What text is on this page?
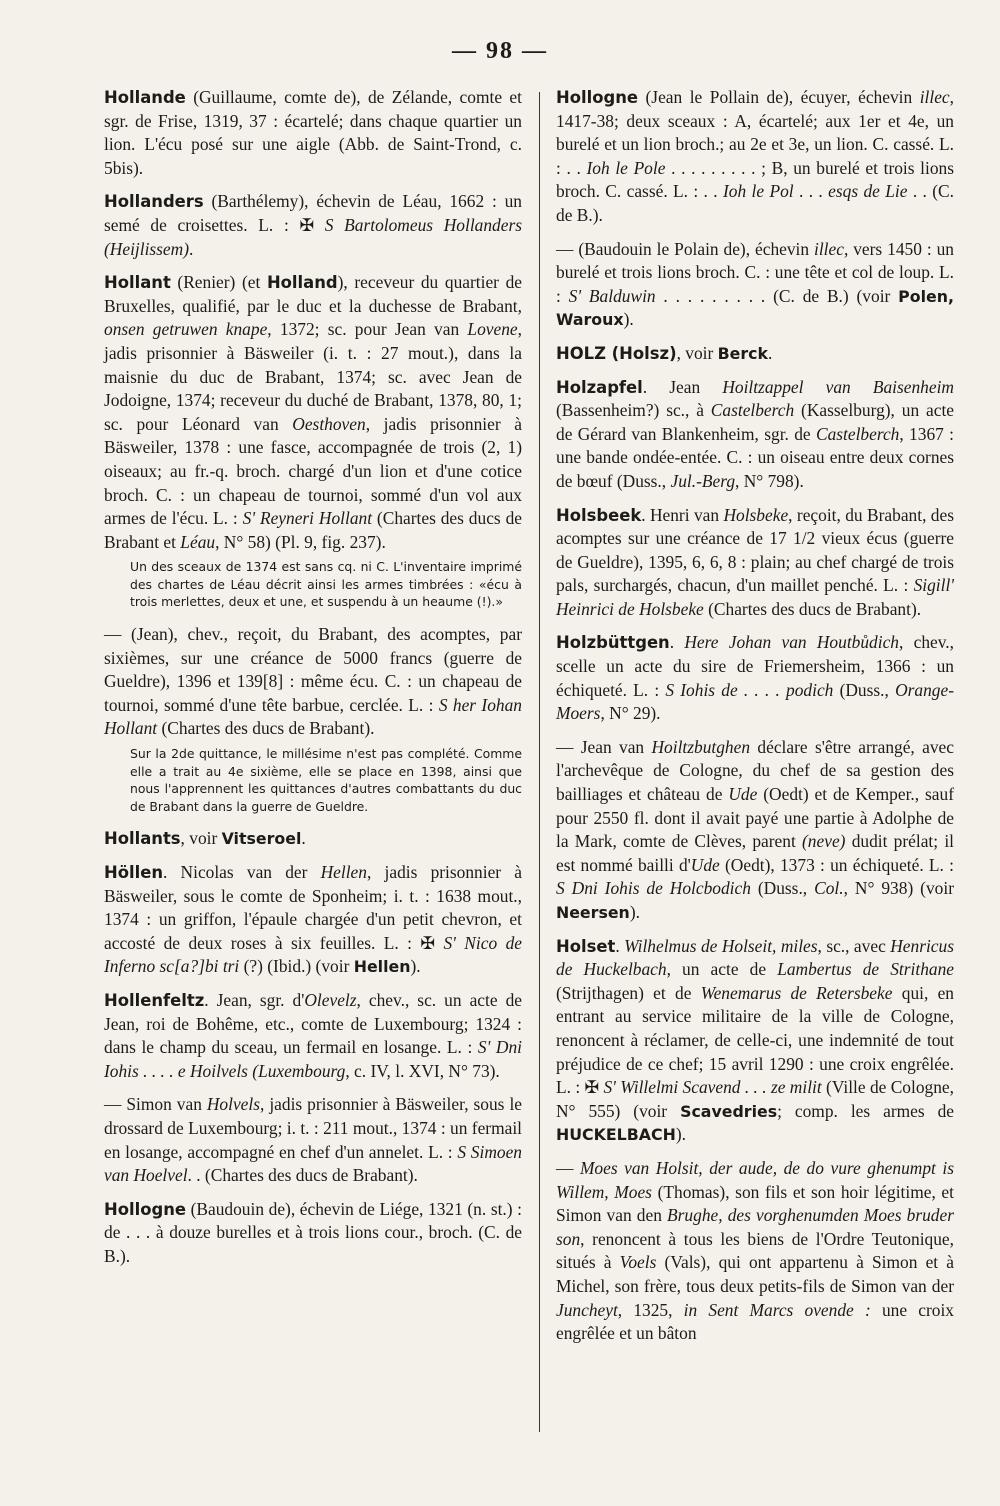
— 98 —

Hollande (Guillaume, comte de), de Zélande, comte et sgr. de Frise, 1319, 37 : écartelé; dans chaque quartier un lion. L'écu posé sur une aigle (Abb. de Saint-Trond, c. 5bis).

Hollanders (Barthélemy), échevin de Léau, 1662 : un semé de croisettes. L. : ✠ S Bartolomeus Hollanders (Heijlissem).

Hollant (Renier) (et Holland), receveur du quartier de Bruxelles, qualifié, par le duc et la duchesse de Brabant, onsen getruwen knape, 1372; sc. pour Jean van Lovene, jadis prisonnier à Bäsweiler (i. t. : 27 mout.), dans la maisnie du duc de Brabant, 1374; sc. avec Jean de Jodoigne, 1374; receveur du duché de Brabant, 1378, 80, 1; sc. pour Léonard van Oesthoven, jadis prisonnier à Bäsweiler, 1378 : une fasce, accompagnée de trois (2, 1) oiseaux; au fr.-q. broch. chargé d'un lion et d'une cotice broch. C. : un chapeau de tournoi, sommé d'un vol aux armes de l'écu. L. : S' Reyneri Hollant (Chartes des ducs de Brabant et Léau, N° 58) (Pl. 9, fig. 237).

Un des sceaux de 1374 est sans cq. ni C. L'inventaire imprimé des chartes de Léau décrit ainsi les armes timbrées : «écu à trois merlettes, deux et une, et suspendu à un heaume (!).»

— (Jean), chev., reçoit, du Brabant, des acomptes, par sixièmes, sur une créance de 5000 francs (guerre de Gueldre), 1396 et 139[8] : même écu. C. : un chapeau de tournoi, sommé d'une tête barbue, cerclée. L. : S her Iohan Hollant (Chartes des ducs de Brabant).

Sur la 2de quittance, le millésime n'est pas complété. Comme elle a trait au 4e sixième, elle se place en 1398, ainsi que nous l'apprennent les quittances d'autres combattants du duc de Brabant dans la guerre de Gueldre.

Hollants, voir Vitseroel.

Höllen. Nicolas van der Hellen, jadis prisonnier à Bäsweiler, sous le comte de Sponheim; i. t. : 1638 mout., 1374 : un griffon, l'épaule chargée d'un petit chevron, et accosté de deux roses à six feuilles. L. : ✠ S' Nico de Inferno sc[a?]bi tri (?) (Ibid.) (voir Hellen).

Hollenfeltz. Jean, sgr. d'Olevelz, chev., sc. un acte de Jean, roi de Bohême, etc., comte de Luxembourg; 1324 : dans le champ du sceau, un fermail en losange. L. : S' Dni Iohis . . . . e Hoilvels (Luxembourg, c. IV, l. XVI, N° 73).

— Simon van Holvels, jadis prisonnier à Bäsweiler, sous le drossard de Luxembourg; i. t. : 211 mout., 1374 : un fermail en losange, accompagné en chef d'un annelet. L. : S Simoen van Hoelvel. . (Chartes des ducs de Brabant).

Hollogne (Baudouin de), échevin de Liége, 1321 (n. st.) : de . . . à douze burelles et à trois lions cour., broch. (C. de B.).

Hollogne (Jean le Pollain de), écuyer, échevin illec, 1417-38; deux sceaux : A, écartelé; aux 1er et 4e, un burelé et un lion broch.; au 2e et 3e, un lion. C. cassé. L. : . . Ioh le Pole . . . . . . . . . ; B, un burelé et trois lions broch. C. cassé. L. : . . Ioh le Pol . . . esqs de Lie . . (C. de B.).

— (Baudouin le Polain de), échevin illec, vers 1450 : un burelé et trois lions broch. C. : une tête et col de loup. L. : S' Balduwin . . . . . . . . . (C. de B.) (voir Polen, Waroux).

HOLZ (Holsz), voir Berck.

Holzapfel. Jean Hoiltzappel van Baisenheim (Bassenheim?) sc., à Castelberch (Kasselburg), un acte de Gérard van Blankenheim, sgr. de Castelberch, 1367 : une bande ondée-entée. C. : un oiseau entre deux cornes de bœuf (Duss., Jul.-Berg, N° 798).

Holsbeek. Henri van Holsbeke, reçoit, du Brabant, des acomptes sur une créance de 17 1/2 vieux écus (guerre de Gueldre), 1395, 6, 6, 8 : plain; au chef chargé de trois pals, surchargés, chacun, d'un maillet penché. L. : Sigill' Heinrici de Holsbeke (Chartes des ducs de Brabant).

Holzbüttgen. Here Johan van Houtbůdich, chev., scelle un acte du sire de Friemersheim, 1366 : un échiqueté. L. : S Iohis de . . . . podich (Duss., Orange-Moers, N° 29).

— Jean van Hoiltzbutghen déclare s'être arrangé, avec l'archevêque de Cologne, du chef de sa gestion des bailliages et château de Ude (Oedt) et de Kemper., sauf pour 2550 fl. dont il avait payé une partie à Adolphe de la Mark, comte de Clèves, parent (neve) dudit prélat; il est nommé bailli d'Ude (Oedt), 1373 : un échiqueté. L. : S Dni Iohis de Holcbodich (Duss., Col., N° 938) (voir Neersen).

Holset. Wilhelmus de Holseit, miles, sc., avec Henricus de Huckelbach, un acte de Lambertus de Strithane (Strijthagen) et de Wenemarus de Retersbeke qui, en entrant au service militaire de la ville de Cologne, renoncent à réclamer, de celle-ci, une indemnité de tout préjudice de ce chef; 15 avril 1290 : une croix engrêlée. L. : ✠ S' Willelmi Scavend . . . ze milit (Ville de Cologne, N° 555) (voir Scavedries; comp. les armes de HUCKELBACH).

— Moes van Holsit, der aude, de do vure ghenumpt is Willem, Moes (Thomas), son fils et son hoir légitime, et Simon van den Brughe, des vorghenumden Moes bruder son, renoncent à tous les biens de l'Ordre Teutonique, situés à Voels (Vals), qui ont appartenu à Simon et à Michel, son frère, tous deux petits-fils de Simon van der Juncheyt, 1325, in Sent Marcs ovende : une croix engrêlée et un bâton
